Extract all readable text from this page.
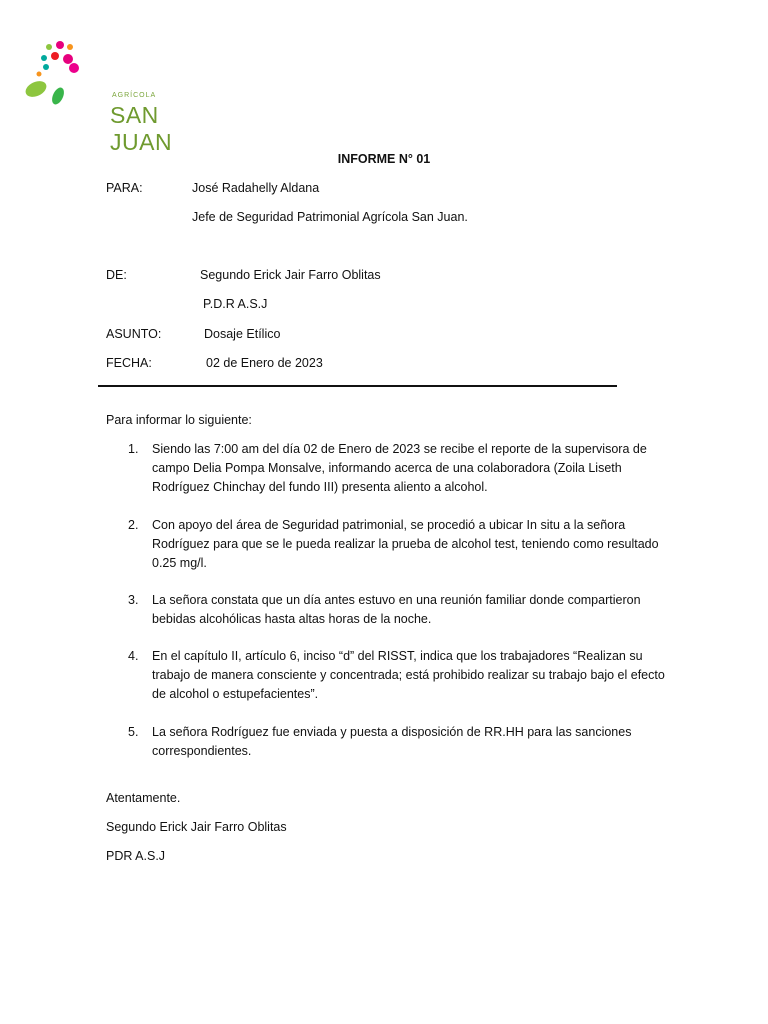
AGRÍCOLA
SAN JUAN
INFORME N° 01
PARA:	José Radahelly Aldana
Jefe de Seguridad Patrimonial Agrícola San Juan.
DE:	Segundo Erick Jair Farro Oblitas
P.D.R A.S.J
ASUNTO:	Dosaje Etílico
FECHA:	02 de Enero de 2023
Para informar lo siguiente:
1. Siendo las 7:00 am del día 02 de Enero de 2023 se recibe el reporte de la supervisora de campo Delia Pompa Monsalve, informando acerca de una colaboradora (Zoila Liseth Rodríguez Chinchay del fundo III) presenta aliento a alcohol.
2. Con apoyo del área de Seguridad patrimonial, se procedió a ubicar In situ a la señora Rodríguez para que se le pueda realizar la prueba de alcohol test, teniendo como resultado 0.25 mg/l.
3. La señora constata que un día antes estuvo en una reunión familiar donde compartieron bebidas alcohólicas hasta altas horas de la noche.
4. En el capítulo II, artículo 6, inciso “d” del RISST, indica que los trabajadores “Realizan su trabajo de manera consciente y concentrada; está prohibido realizar su trabajo bajo el efecto de alcohol o estupefacientes”.
5. La señora Rodríguez fue enviada y puesta a disposición de RR.HH para las sanciones correspondientes.
Atentamente.
Segundo Erick Jair Farro Oblitas
PDR A.S.J
